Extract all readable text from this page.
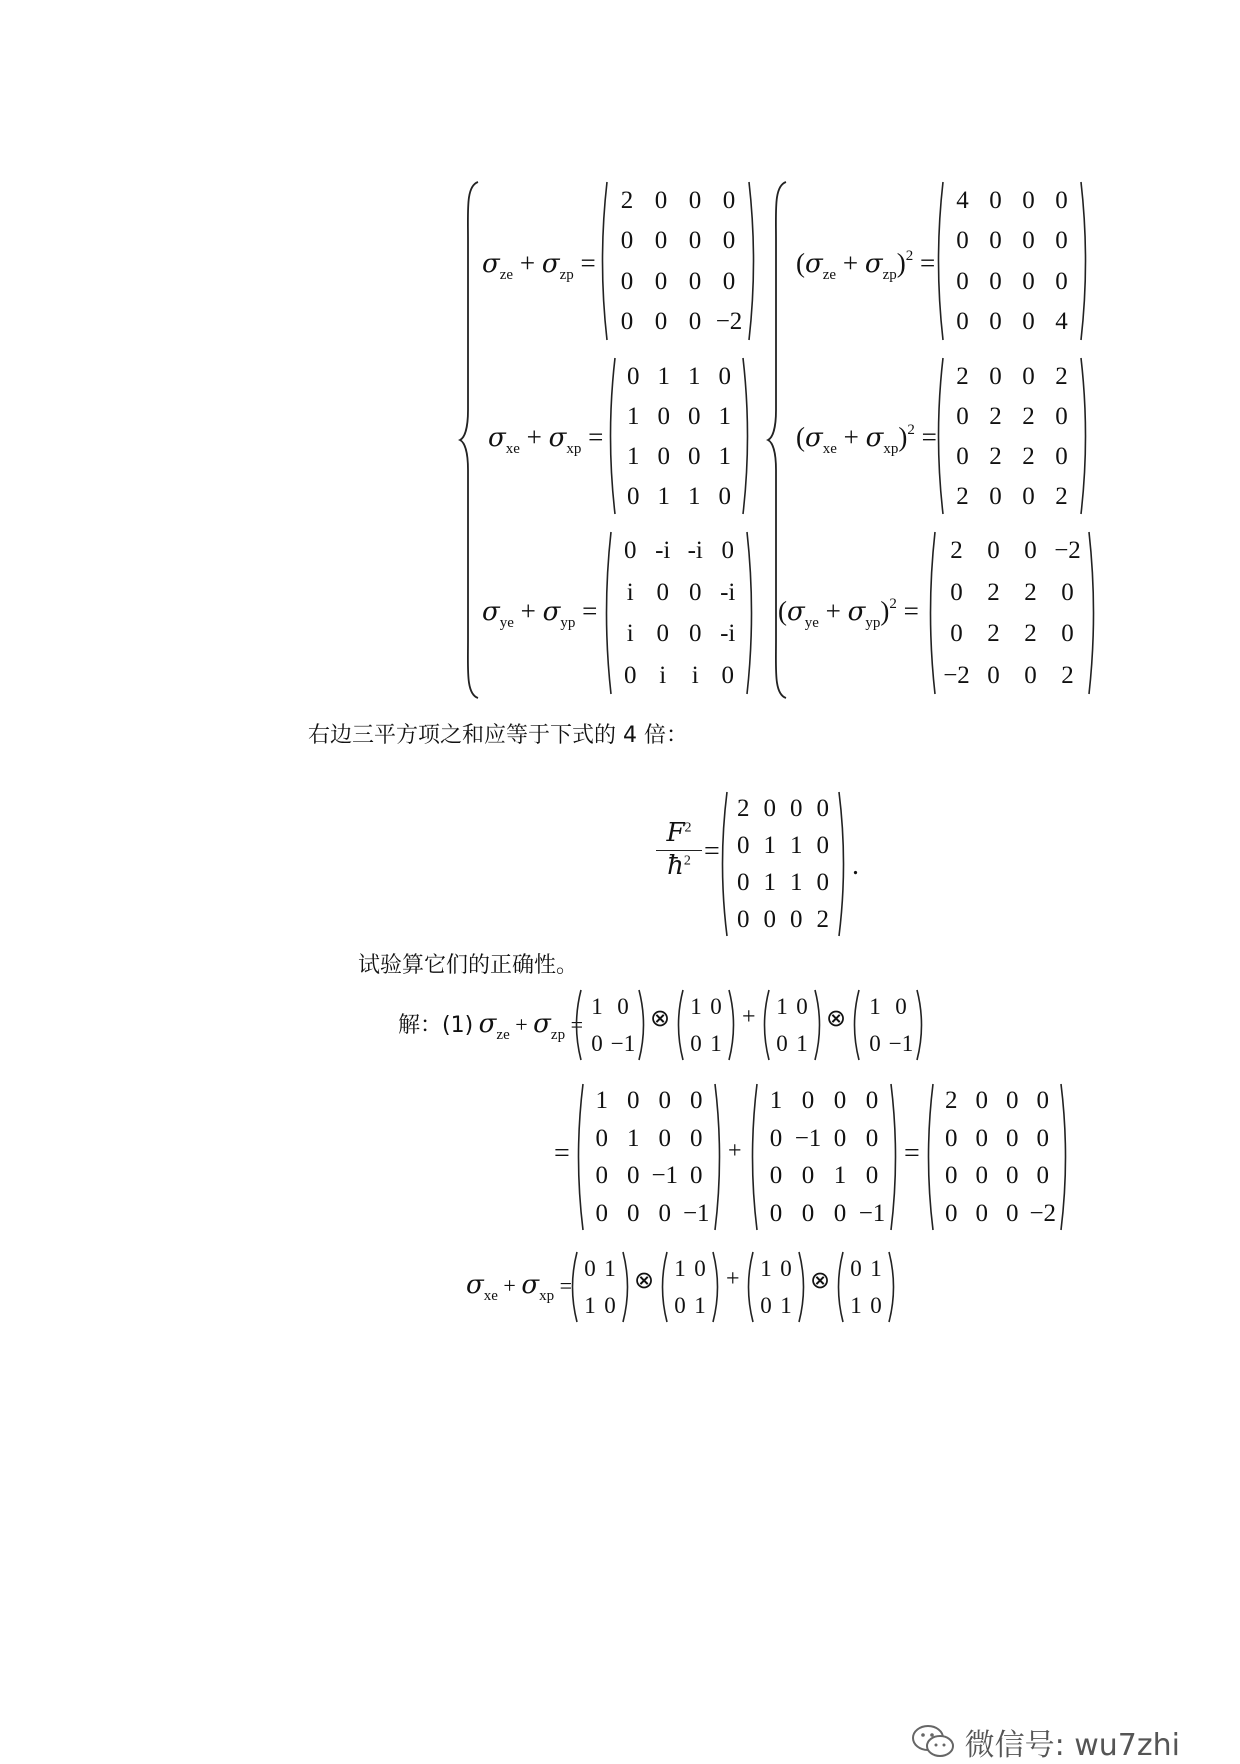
$\sigma_{ze} + \sigma_{zp}$ =	$(\sigma_{ze} + \sigma_{zp})^2$ =
2 0 0 0
0 0 0 0
0 0 0 0
0 0 0 −2
4 0 0 0
0 0 0 0
0 0 0 0
0 0 0 4
$\sigma_{xe} + \sigma_{xp}$ =	$(\sigma_{xe} + \sigma_{xp})^2$ =
0 1 1 0
1 0 0 1
1 0 0 1
0 1 1 0
2 0 0 2
0 2 2 0
0 2 2 0
2 0 0 2
$\sigma_{ye} + \sigma_{yp}$ =	$(\sigma_{ye} + \sigma_{yp})^2$ =
0 -i -i 0
i 0 0 -i
i 0 0 -i
0 i i 0
2 0 0 −2
0 2 2 0
0 2 2 0
−2 0 0 2
右边三平方项之和应等于下式的 4 倍：
$F^2$
$ħ^2$ =
2 0 0 0
0 1 1 0
0 1 1 0
0 0 0 2
.
试验算它们的正确性。
解：(1) $\sigma_{ze} + \sigma_{zp}$ =
1 0
0 −1
⊗ 1 0
0 1
+ 1 0
0 1
⊗ 1 0
0 −1
=
1 0 0 0
0 1 0 0
0 0 −1 0
0 0 0 −1
+
1 0 0 0
0 −1 0 0
0 0 1 0
0 0 0 −1
=
2 0 0 0
0 0 0 0
0 0 0 0
0 0 0 −2
$\sigma_{xe} + \sigma_{xp}$ =
0 1
1 0
⊗ 1 0
0 1
+ 1 0
0 1
⊗ 0 1
1 0
微信号: wu7zhi
